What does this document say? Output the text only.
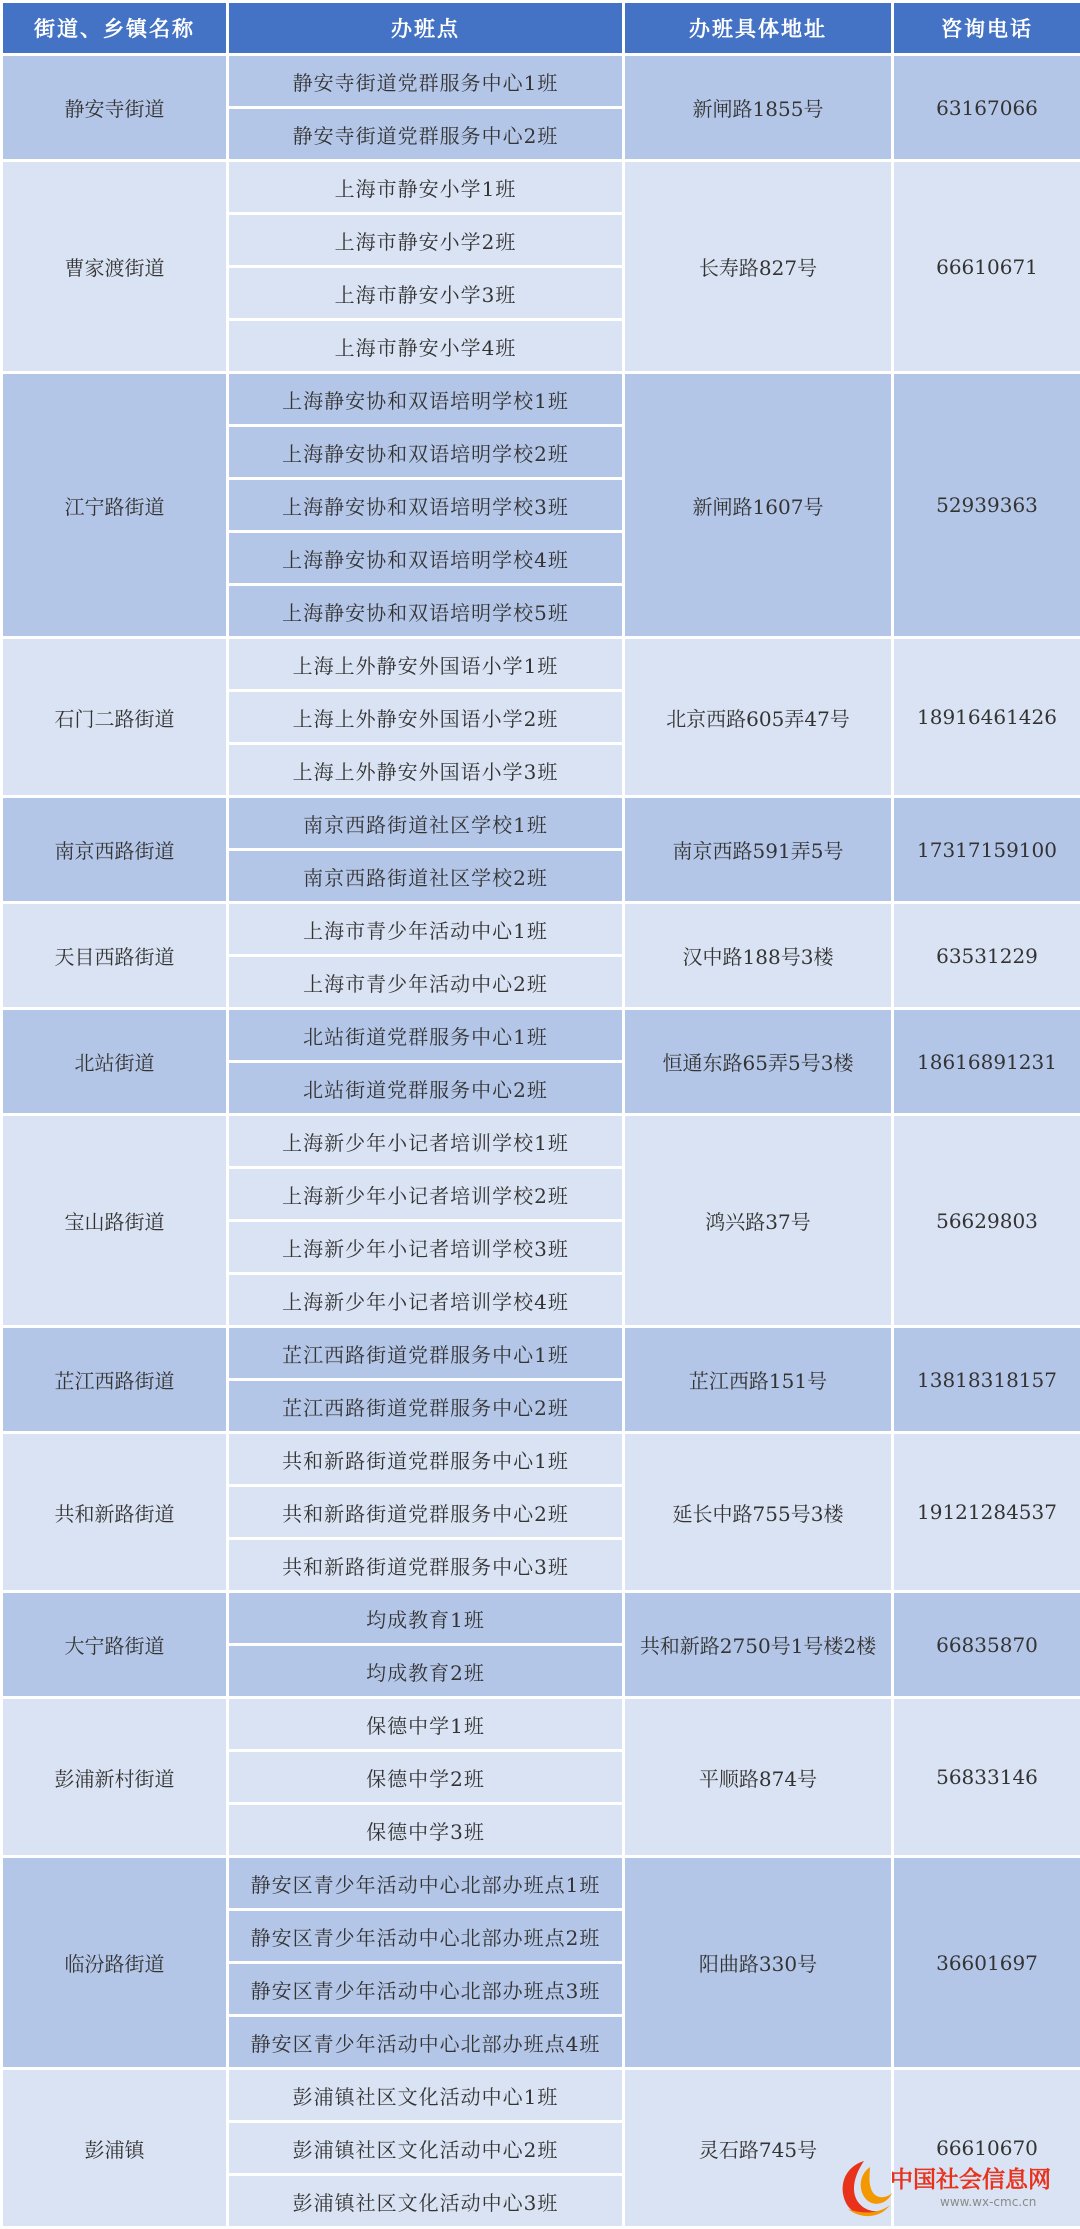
街道、乡镇名称	办班点	办班具体地址	咨询电话
静安寺街道	静安寺街道党群服务中心1班	新闸路1855号	63167066
	静安寺街道党群服务中心2班		
曹家渡街道	上海市静安小学1班	长寿路827号	66610671
	上海市静安小学2班		
	上海市静安小学3班		
	上海市静安小学4班		
江宁路街道	上海静安协和双语培明学校1班	新闸路1607号	52939363
	上海静安协和双语培明学校2班		
	上海静安协和双语培明学校3班		
	上海静安协和双语培明学校4班		
	上海静安协和双语培明学校5班		
石门二路街道	上海上外静安外国语小学1班	北京西路605弄47号	18916461426
	上海上外静安外国语小学2班		
	上海上外静安外国语小学3班		
南京西路街道	南京西路街道社区学校1班	南京西路591弄5号	17317159100
	南京西路街道社区学校2班		
天目西路街道	上海市青少年活动中心1班	汉中路188号3楼	63531229
	上海市青少年活动中心2班		
北站街道	北站街道党群服务中心1班	恒通东路65弄5号3楼	18616891231
	北站街道党群服务中心2班		
宝山路街道	上海新少年小记者培训学校1班	鸿兴路37号	56629803
	上海新少年小记者培训学校2班		
	上海新少年小记者培训学校3班		
	上海新少年小记者培训学校4班		
芷江西路街道	芷江西路街道党群服务中心1班	芷江西路151号	13818318157
	芷江西路街道党群服务中心2班		
共和新路街道	共和新路街道党群服务中心1班	延长中路755号3楼	19121284537
	共和新路街道党群服务中心2班		
	共和新路街道党群服务中心3班		
大宁路街道	均成教育1班	共和新路2750号1号楼2楼	66835870
	均成教育2班		
彭浦新村街道	保德中学1班	平顺路874号	56833146
	保德中学2班		
	保德中学3班		
临汾路街道	静安区青少年活动中心北部办班点1班	阳曲路330号	36601697
	静安区青少年活动中心北部办班点2班		
	静安区青少年活动中心北部办班点3班		
	静安区青少年活动中心北部办班点4班		
彭浦镇	彭浦镇社区文化活动中心1班	灵石路745号	66610670
	彭浦镇社区文化活动中心2班		
	彭浦镇社区文化活动中心3班		
中国社会信息网
www.wx-cmc.cn
